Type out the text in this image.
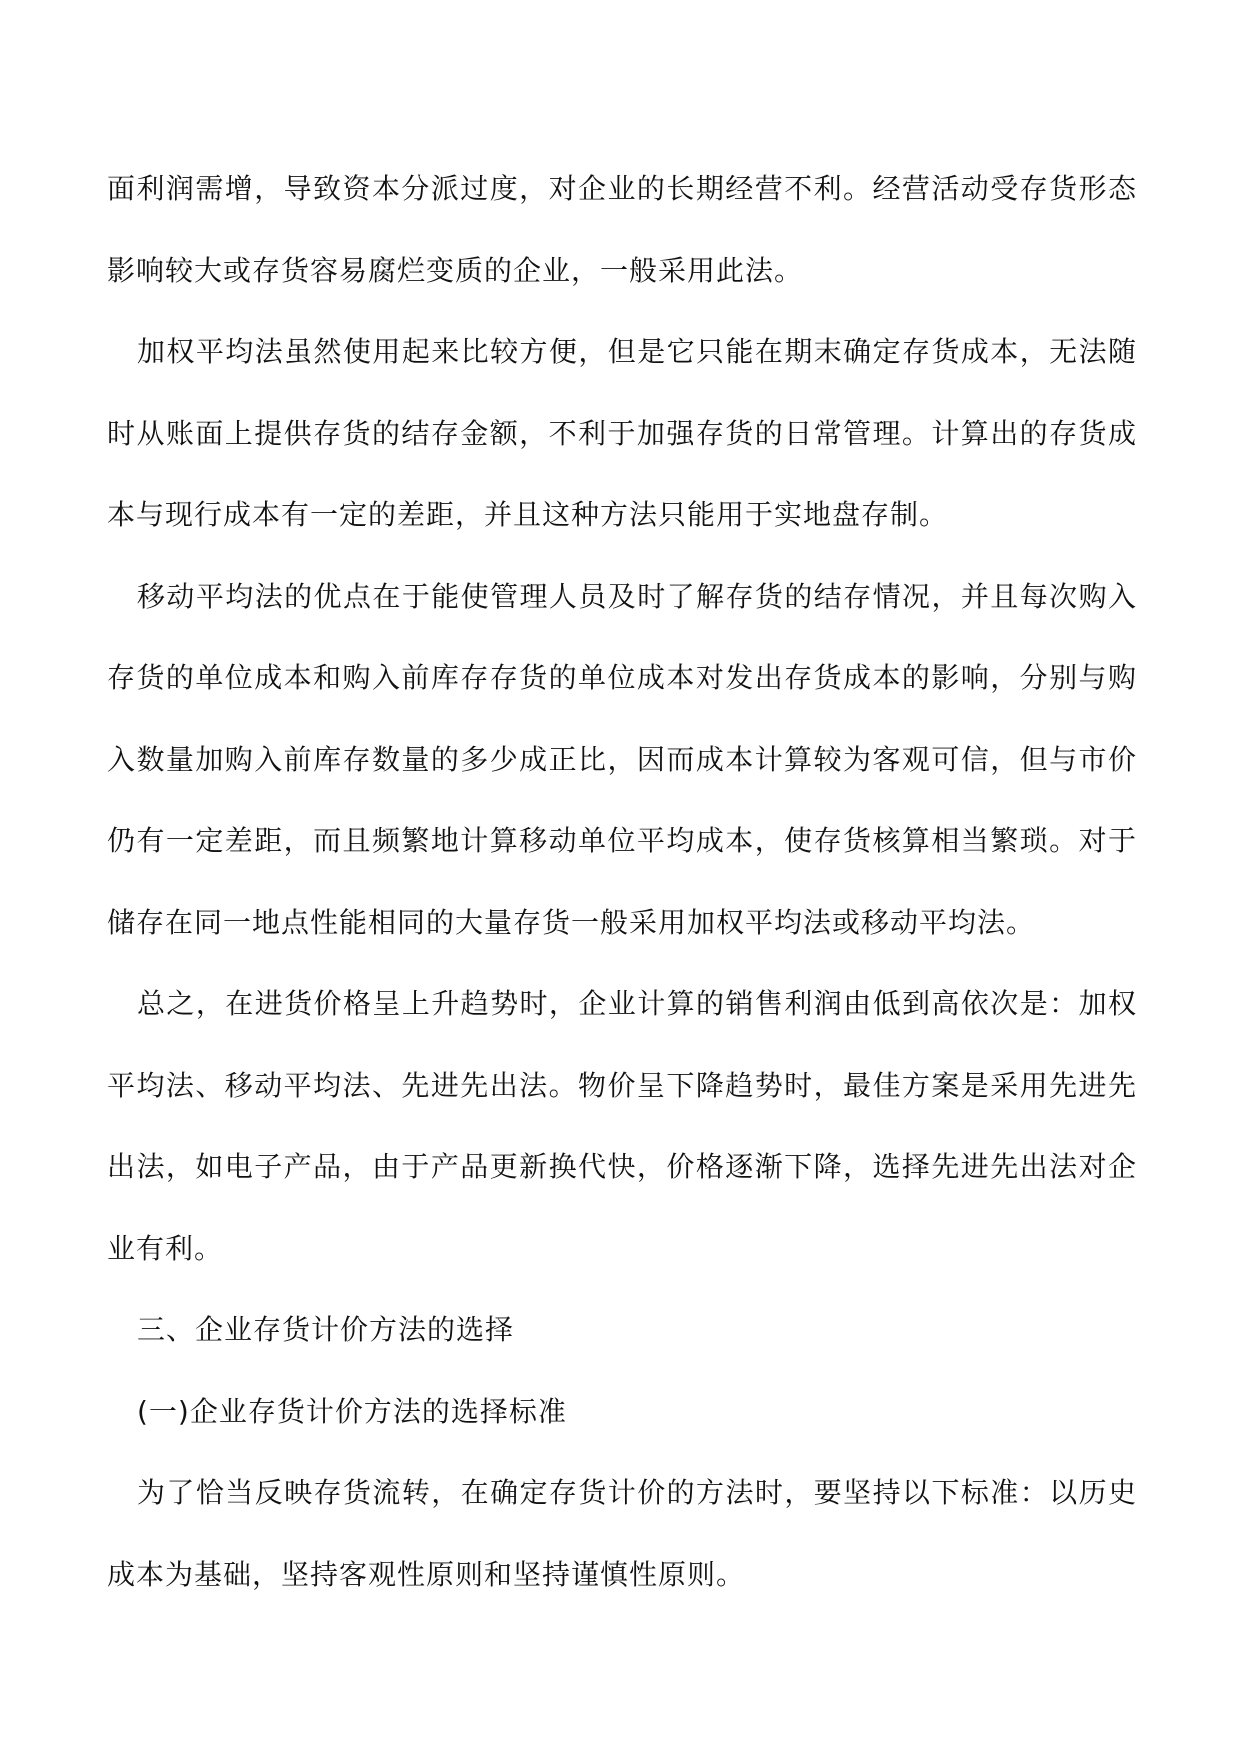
面利润需增，导致资本分派过度，对企业的长期经营不利。经营活动受存货形态影响较大或存货容易腐烂变质的企业，一般采用此法。

加权平均法虽然使用起来比较方便，但是它只能在期末确定存货成本，无法随时从账面上提供存货的结存金额，不利于加强存货的日常管理。计算出的存货成本与现行成本有一定的差距，并且这种方法只能用于实地盘存制。

移动平均法的优点在于能使管理人员及时了解存货的结存情况，并且每次购入存货的单位成本和购入前库存存货的单位成本对发出存货成本的影响，分别与购入数量加购入前库存数量的多少成正比，因而成本计算较为客观可信，但与市价仍有一定差距，而且频繁地计算移动单位平均成本，使存货核算相当繁琐。对于储存在同一地点性能相同的大量存货一般采用加权平均法或移动平均法。

总之，在进货价格呈上升趋势时，企业计算的销售利润由低到高依次是：加权平均法、移动平均法、先进先出法。物价呈下降趋势时，最佳方案是采用先进先出法，如电子产品，由于产品更新换代快，价格逐渐下降，选择先进先出法对企业有利。

三、企业存货计价方法的选择

(一)企业存货计价方法的选择标准

为了恰当反映存货流转，在确定存货计价的方法时，要坚持以下标准：以历史成本为基础，坚持客观性原则和坚持谨慎性原则。
